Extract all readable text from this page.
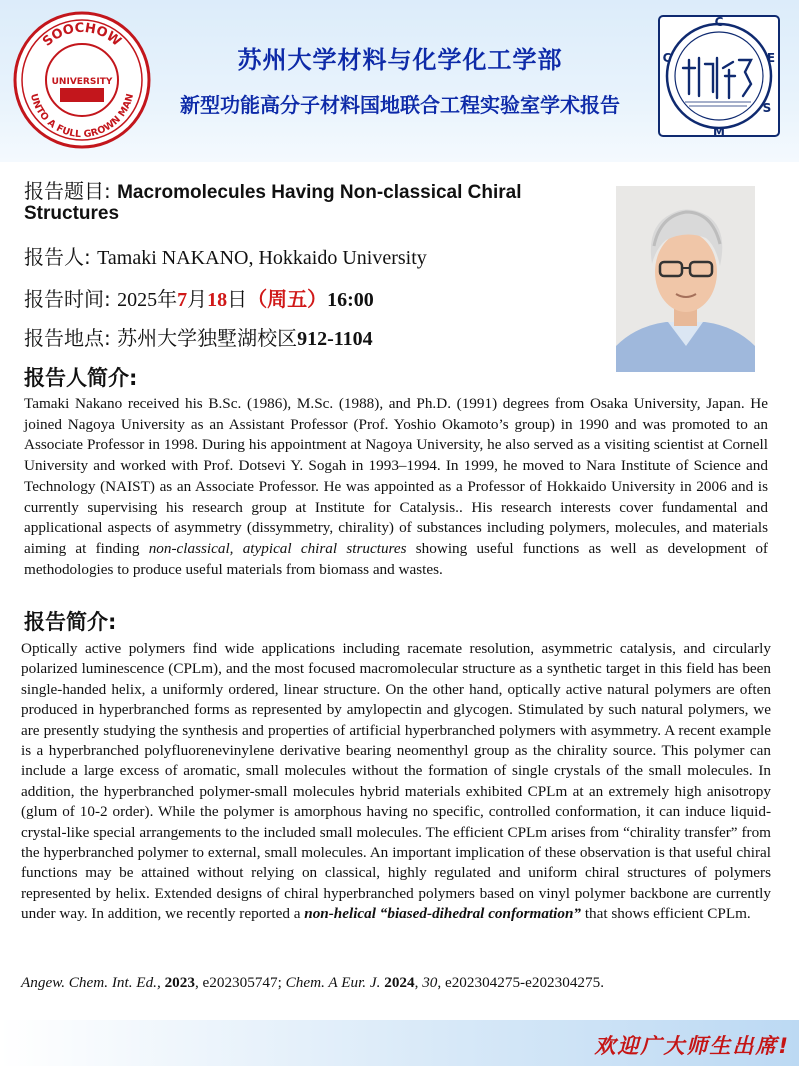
SOOCHOW
UNTO A FULL GROWN MAN
UNIVERSITY
苏州大学材料与化学化工学部
新型功能高分子材料国地联合工程实验室学术报告
C
C	E
M
S
报告题目: Macromolecules Having Non-classical Chiral
Structures
报告人: Tamaki NAKANO, Hokkaido University
报告时间: 2025年7月18日（周五）16:00
报告地点: 苏州大学独墅湖校区912-1104
报告人简介:
Tamaki Nakano received his B.Sc. (1986), M.Sc. (1988), and Ph.D. (1991) degrees from Osaka University, Japan. He joined Nagoya University as an Assistant Professor (Prof. Yoshio Okamoto’s group) in 1990 and was promoted to an Associate Professor in 1998. During his appointment at Nagoya University, he also served as a visiting scientist at Cornell University and worked with Prof. Dotsevi Y. Sogah in 1993–1994. In 1999, he moved to Nara Institute of Science and Technology (NAIST) as an Associate Professor. He was appointed as a Professor of Hokkaido University in 2006 and is currently supervising his research group at Institute for Catalysis.. His research interests cover fundamental and applicational aspects of asymmetry (dissymmetry, chirality) of substances including polymers, molecules, and materials aiming at finding non-classical, atypical chiral structures showing useful functions as well as development of methodologies to produce useful materials from biomass and wastes.
报告简介:
Optically active polymers find wide applications including racemate resolution, asymmetric catalysis, and circularly polarized luminescence (CPLm), and the most focused macromolecular structure as a synthetic target in this field has been single-handed helix, a uniformly ordered, linear structure. On the other hand, optically active natural polymers are often produced in hyperbranched forms as represented by amylopectin and glycogen. Stimulated by such natural polymers, we are presently studying the synthesis and properties of artificial hyperbranched polymers with asymmetry. A recent example is a hyperbranched polyfluorenevinylene derivative bearing neomenthyl group as the chirality source. This polymer can include a large excess of aromatic, small molecules without the formation of single crystals of the small molecules. In addition, the hyperbranched polymer-small molecules hybrid materials exhibited CPLm at an extremely high anisotropy (glum of 10-2 order). While the polymer is amorphous having no specific, controlled conformation, it can induce liquid-crystal-like special arrangements to the included small molecules. The efficient CPLm arises from “chirality transfer” from the hyperbranched polymer to external, small molecules. An important implication of these observation is that useful chiral functions may be attained without relying on classical, highly regulated and uniform chiral structures of polymers represented by helix. Extended designs of chiral hyperbranched polymers based on vinyl polymer backbone are currently under way. In addition, we recently reported a non-helical “biased-dihedral conformation” that shows efficient CPLm.
Angew. Chem. Int. Ed., 2023, e202305747; Chem. A Eur. J. 2024, 30, e202304275-e202304275.
欢迎广大师生出席!
